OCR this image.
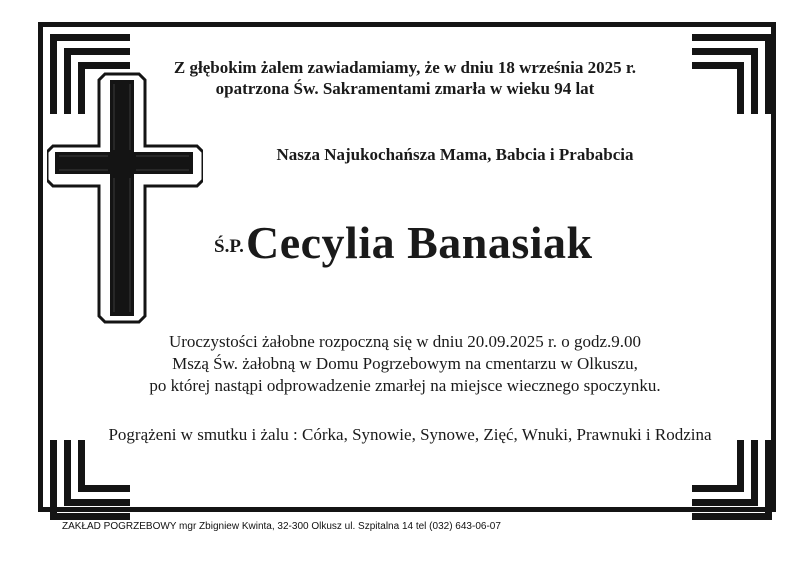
Z głębokim żalem zawiadamiamy, że w dniu 18 września 2025 r.
opatrzona Św. Sakramentami zmarła w wieku 94 lat
Nasza Najukochańsza Mama, Babcia i Prababcia
Ś.P. Cecylia Banasiak
Uroczystości żałobne rozpoczną się w dniu 20.09.2025 r. o godz.9.00
Mszą Św. żałobną w Domu Pogrzebowym na cmentarzu w Olkuszu,
po której nastąpi odprowadzenie zmarłej na miejsce wiecznego spoczynku.
Pogrążeni w smutku i żalu : Córka, Synowie, Synowe, Zięć, Wnuki, Prawnuki i Rodzina
ZAKŁAD POGRZEBOWY mgr Zbigniew Kwinta, 32-300 Olkusz ul. Szpitalna 14 tel (032) 643-06-07
